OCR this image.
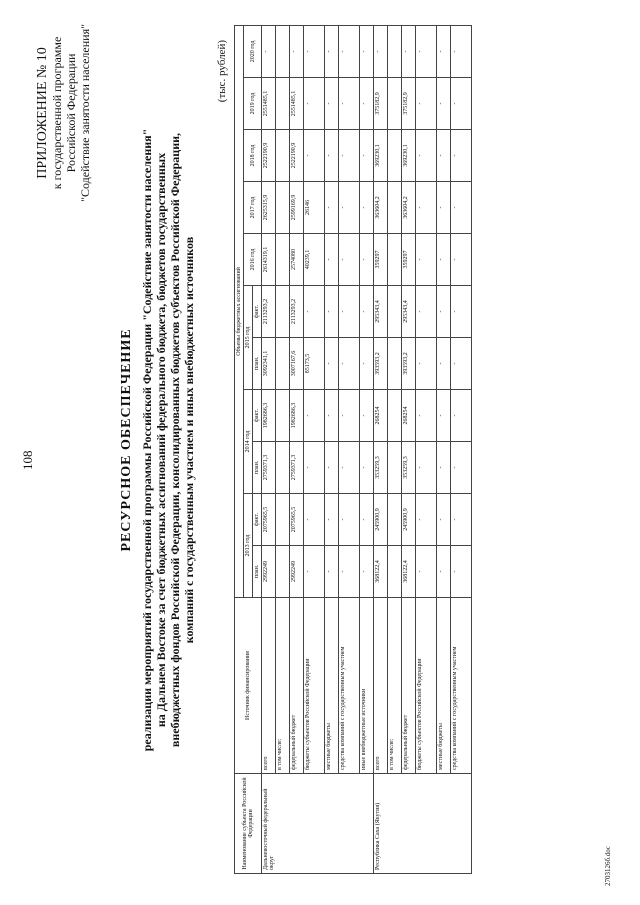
108
ПРИЛОЖЕНИЕ № 10 к государственной программе Российской Федерации "Содействие занятости населения"
РЕСУРСНОЕ ОБЕСПЕЧЕНИЕ реализации мероприятий государственной программы Российской Федерации "Содействие занятости населения" на Дальнем Востоке за счет бюджетных ассигнований федерального бюджета, бюджетов государственных внебюджетных фондов Российской Федерации, консолидированных бюджетов субъектов Российской Федерации, компаний с государственным участием и иных внебюджетных источников
(тыс. рублей)
Наименование субъекта Российской Федерации	Источник финансирования	Объемы бюджетных ассигнований										
		2013 год		2014 год		2015 год		2016 год	2017 год	2018 год	2019 год	2020 год
		план.	факт.	план.	факт.	план.	факт.					
Дальневосточный федеральный округ	всего	2992249	2075965,5	2759371,3	1982686,3	3092341,1	2113293,2	2614319,1	2625315,9	2522190,9	2551485,1	-
	в том числе:											
	федеральный бюджет	2992249	2075965,5	2759371,3	1982686,3	3007167,6	2113293,2	2574080	2599169,9	2522190,9	2551485,1	-
	бюджеты субъектов Российской Федерации	-	-	-	-	85173,5	-	40239,1	26146	-	-	-
	местные бюджеты	-	-	-	-	-	-	-	-	-	-	-
	средства компаний с государственным участием	-	-	-	-	-	-	-	-	-	-	-
	иные внебюджетные источники	-	-	-	-	-	-	-	-	-	-	-
Республика Саха (Якутия)	всего	368122,4	245900,9	353259,3	268254	393593,2	295343,4	359297	363604,2	369230,1	375182,9	-
	в том числе:											
	федеральный бюджет	368122,4	245900,9	353259,3	268254	393593,2	295343,4	359297	363604,2	369230,1	375182,9	-
	бюджеты субъектов Российской Федерации	-	-	-	-	-	-	-	-	-	-	-
	местные бюджеты	-	-	-	-	-	-	-	-	-	-	-
	средства компаний с государственным участием	-	-	-	-	-	-	-	-	-	-	-
2703126б.doc
